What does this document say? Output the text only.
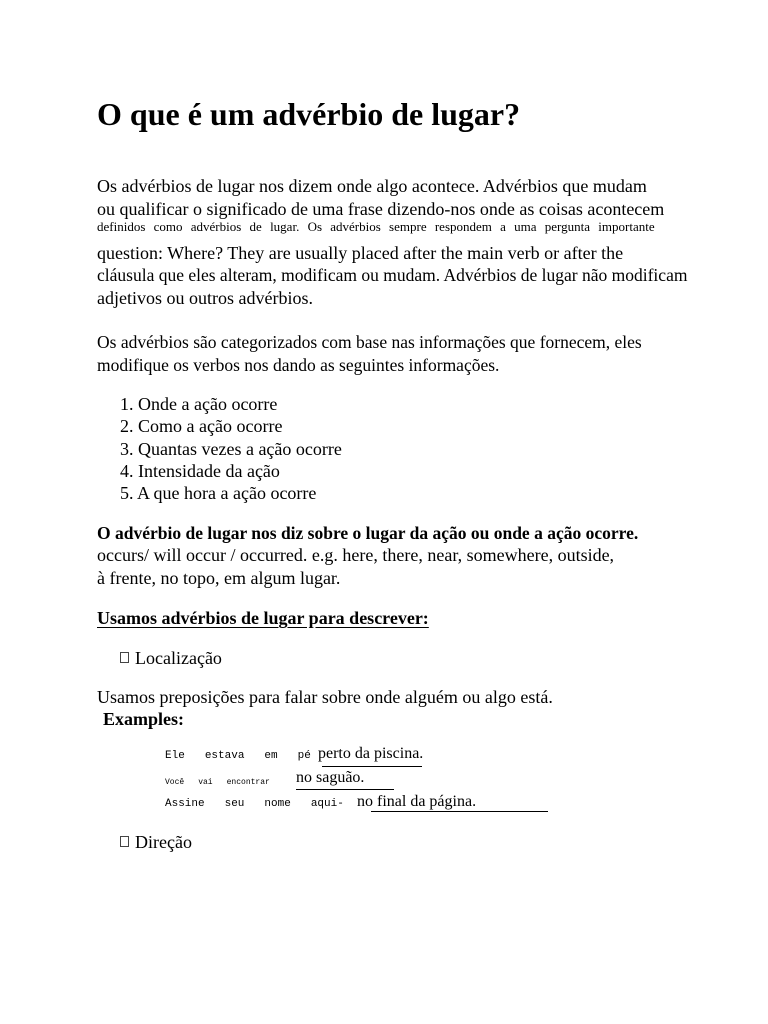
O que é um advérbio de lugar?
Os advérbios de lugar nos dizem onde algo acontece. Advérbios que mudam
ou qualificar o significado de uma frase dizendo-nos onde as coisas acontecem
definidos como advérbios de lugar. Os advérbios sempre respondem a uma pergunta importante
question: Where? They are usually placed after the main verb or after the
cláusula que eles alteram, modificam ou mudam. Advérbios de lugar não modificam
adjetivos ou outros advérbios.
Os advérbios são categorizados com base nas informações que fornecem, eles
modifique os verbos nos dando as seguintes informações.
1. Onde a ação ocorre
2. Como a ação ocorre
3. Quantas vezes a ação ocorre
4. Intensidade da ação
5. A que hora a ação ocorre
O advérbio de lugar nos diz sobre o lugar da ação ou onde a ação ocorre.
occurs/ will occur / occurred. e.g. here, there, near, somewhere, outside,
à frente, no topo, em algum lugar.
Usamos advérbios de lugar para descrever:
Localização
Usamos preposições para falar sobre onde alguém ou algo está.
Examples:
Ele estava em pé perto da piscina.
Você vai encontrar no saguão.
Assine seu nome aqui- no final da página.
Direção
